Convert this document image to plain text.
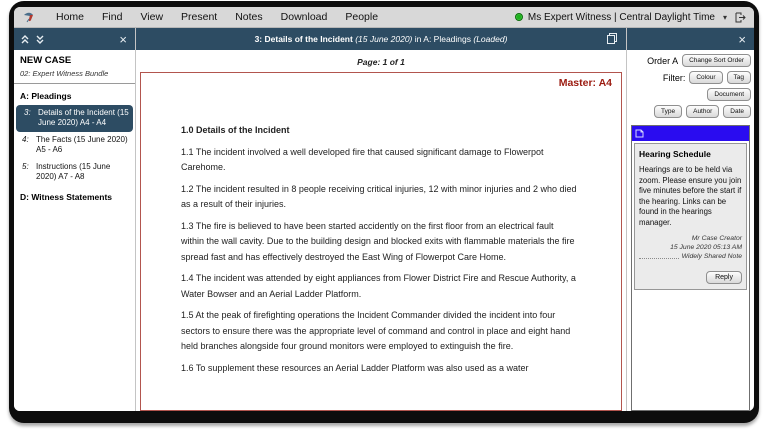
Home	Find	View	Present	Notes	Download	People	Ms Expert Witness | Central Daylight Time	▾
×
NEW CASE
02: Expert Witness Bundle
A: Pleadings
3: Details of the Incident (15 June 2020) A4 - A4
4: The Facts (15 June 2020) A5 - A6
5: Instructions (15 June 2020) A7 - A8
D: Witness Statements
3: Details of the Incident (15 June 2020) in A: Pleadings (Loaded)
Page: 1 of 1
Master: A4

1.0 Details of the Incident

1.1 The incident involved a well developed fire that caused significant damage to Flowerpot Carehome.

1.2 The incident resulted in 8 people receiving critical injuries, 12 with minor injuries and 2 who died as a result of their injuries.

1.3 The fire is believed to have been started accidently on the first floor from an electrical fault within the wall cavity. Due to the building design and blocked exits with flammable materials the fire spread fast and has effectively destroyed the East Wing of Flowerpot Care Home.

1.4 The incident was attended by eight appliances from Flower District Fire and Rescue Authority, a Water Bowser and an Aerial Ladder Platform.

1.5 At the peak of firefighting operations the Incident Commander divided the incident into four sectors to ensure there was the appropriate level of command and control in place and eight hand held branches alongside four ground monitors were employed to extinguish the fire.

1.6 To supplement these resources an Aerial Ladder Platform was also used as a water

×
Order A	Change Sort Order
Filter:	Colour	Tag
Document
Type	Author	Date
Hearing Schedule
Hearings are to be held via zoom. Please ensure you join five minutes before the start if the hearing. Links can be found in the hearings manager.
Mr Case Creator
15 June 2020 05:13 AM
Widely Shared Note
Reply
